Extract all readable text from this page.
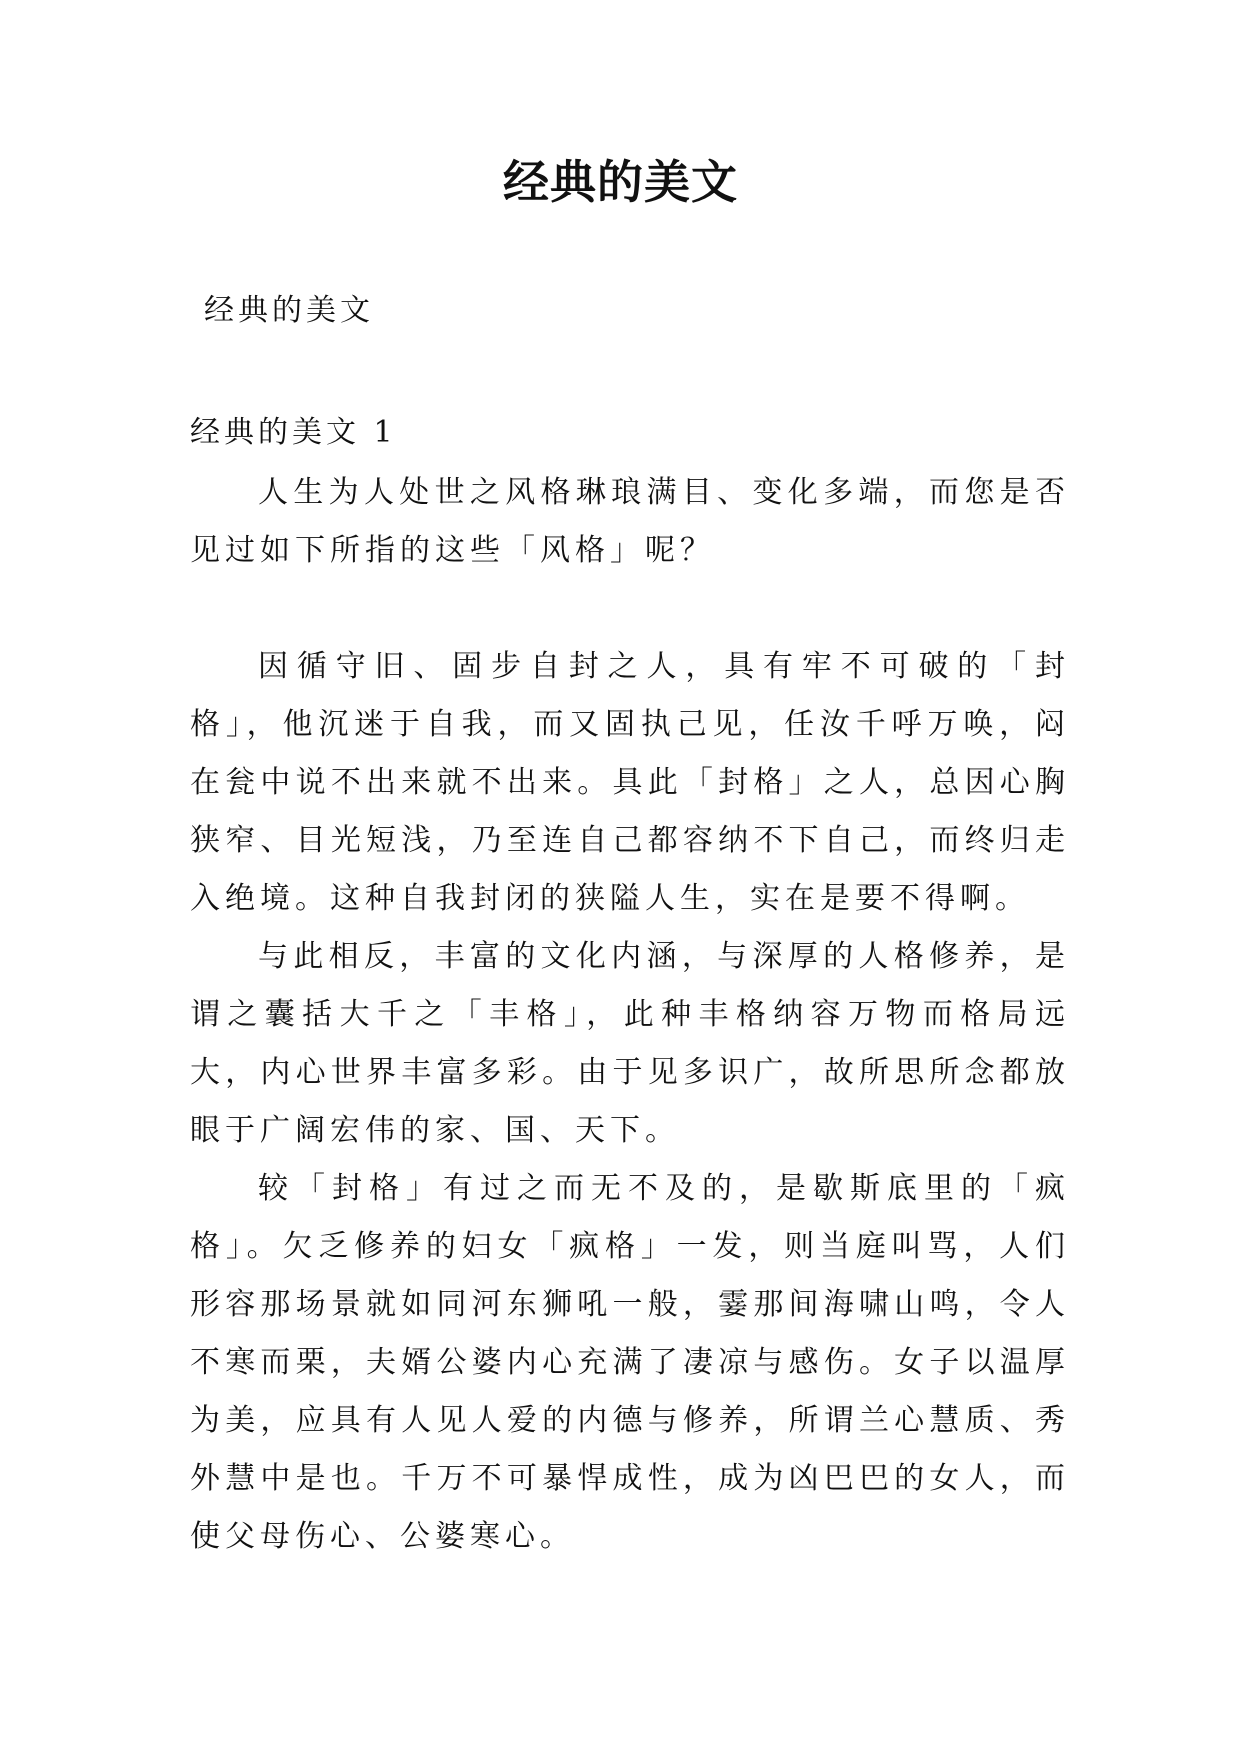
经典的美文
经典的美文
经典的美文 1

人生为人处世之风格琳琅满目、变化多端，而您是否见过如下所指的这些「风格」呢？

因循守旧、固步自封之人，具有牢不可破的「封格」，他沉迷于自我，而又固执己见，任汝千呼万唤，闷在瓮中说不出来就不出来。具此「封格」之人，总因心胸狭窄、目光短浅，乃至连自己都容纳不下自己，而终归走入绝境。这种自我封闭的狭隘人生，实在是要不得啊。

与此相反，丰富的文化内涵，与深厚的人格修养，是谓之囊括大千之「丰格」，此种丰格纳容万物而格局远大，内心世界丰富多彩。由于见多识广，故所思所念都放眼于广阔宏伟的家、国、天下。

较「封格」有过之而无不及的，是歇斯底里的「疯格」。欠乏修养的妇女「疯格」一发，则当庭叫骂，人们形容那场景就如同河东狮吼一般，霎那间海啸山鸣，令人不寒而栗，夫婿公婆内心充满了凄凉与感伤。女子以温厚为美，应具有人见人爱的内德与修养，所谓兰心慧质、秀外慧中是也。千万不可暴悍成性，成为凶巴巴的女人，而使父母伤心、公婆寒心。
